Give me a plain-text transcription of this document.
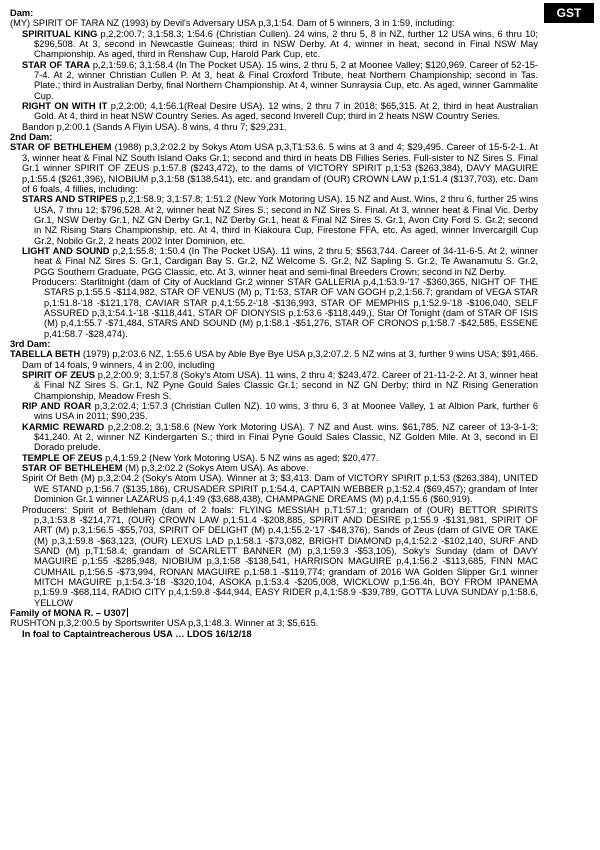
GST
Dam:

(MY) SPIRIT OF TARA NZ (1993) by Devil's Adversary USA p,3,1:54. Dam of 5 winners, 3 in 1:59, including:

SPIRITUAL KING p,2,2:00.7; 3,1:58.3; 1:54.6 (Christian Cullen). 24 wins, 2 thru 5, 8 in NZ, further 12 USA wins, 6 thru 10; $296,508. At 3, second in Newcastle Guineas; third in NSW Derby. At 4, winner in heat, second in Final NSW May Championship. As aged, third in Renshaw Cup, Harold Park Cup, etc.

STAR OF TARA p,2,1:59.6; 3,1:58.4 (In The Pocket USA). 15 wins, 2 thru 5, 2 at Moonee Valley; $120,969. Career of 52-15-7-4. At 2, winner Christian Cullen P. At 3, heat & Final Croxford Tribute, heat Northern Championship; second in Tas. Plate.; third in Australian Derby, final Northern Championship. At 4, winner Sunraysia Cup, etc. As aged, winner Gammalite Cup.

RIGHT ON WITH IT p,2,2:00; 4,1:56.1(Real Desire USA). 12 wins, 2 thru 7 in 2018; $65,315. At 2, third in heat Australian Gold. At 4, third in heat NSW Country Series. As aged, second Inverell Cup; third in 2 heats NSW Country Series.

Bandon p,2:00.1 (Sands A Flyin USA). 8 wins, 4 thru 7; $29,231.

2nd Dam:

STAR OF BETHLEHEM (1988) p,3,2:02.2 by Sokys Atom USA p,3,T1:53.6. 5 wins at 3 and 4; $29,495. Career of 15-5-2-1. At 3, winner heat & Final NZ South Island Oaks Gr.1; second and third in heats DB Fillies Series. Full-sister to NZ Sires S. Final Gr.1 winner SPIRIT OF ZEUS p,1:57.8 ($243,472), to the dams of VICTORY SPIRIT p,1:53 ($263,384), DAVY MAGUIRE p,1:55.4 ($261,396), NIOBIUM p,3,1:58 ($138,541), etc. and grandam of (OUR) CROWN LAW p,1:51.4 ($137,703), etc. Dam of 6 foals, 4 fillies, including:

STARS AND STRIPES p,2,1:58.9; 3,1:57.8; 1:51.2 (New York Motoring USA). 15 NZ and Aust. Wins, 2 thru 6, further 25 wins USA, 7 thru 12; $796,528. At 2, winner heat NZ Sires S.; second in NZ Sires S. Final. At 3, winner heat & Final Vic. Derby Gr.1, NSW Derby Gr.1, NZ GN Derby Gr.1, NZ Derby Gr.1, heat & Final NZ Sires S. Gr.1, Avon City Ford S. Gr.2; second in NZ Rising Stars Championship, etc. At 4, third in Kiakoura Cup, Firestone FFA, etc. As aged, winner Invercargill Cup Gr.2, Nobilo Gr.2, 2 heats 2002 Inter Dominion, etc.

LIGHT AND SOUND p,2,1:55.8; 1:50.4 (In The Pocket USA). 11 wins, 2 thru 5; $563,744. Career of 34-11-6-5. At 2, winner heat & Final NZ Sires S. Gr.1, Cardigan Bay S. Gr.2, NZ Welcome S. Gr.2, NZ Sapling S. Gr.2, Te Awanamutu S. Gr.2, PGG Southern Graduate, PGG Classic, etc. At 3, winner heat and semi-final Breeders Crown; second in NZ Derby.

Producers: Starlitnight (dam of City of Auckland Gr.2 winner STAR GALLERIA p,4,1:53.9-'17 -$360,365, NIGHT OF THE STARS p,1:55.5 -$114,982, STAR OF VENUS (M) p, T1:53, STAR OF VAN GOGH p,2,1:56.7; grandam of VEGA STAR p,1:51.8-'18 -$121,178, CAVIAR STAR p,4,1:55.2-'18 -$136,993, STAR OF MEMPHIS p,1:52.9-'18 -$106,040, SELF ASSURED p,3,1:54.1-'18 -$118,441, STAR OF DIONYSIS p,1:53.6 -$118,449,), Star Of Tonight (dam of STAR OF ISIS (M) p,4,1:55.7 -$71,484, STARS AND SOUND (M) p,1:58.1 -$51,276, STAR OF CRONOS p,1:58.7 -$42,585, ESSENE p,41:58.7 -$28,474).

3rd Dam:

TABELLA BETH (1979) p,2:03.6 NZ, 1:55.6 USA by Able Bye Bye USA p,3,2:07.2. 5 NZ wins at 3, further 9 wins USA; $91,466. Dam of 14 foals, 9 winners, 4 in 2:00, including

SPIRIT OF ZEUS p,2,2:00.9; 3,1:57.8 (Soky's Atom USA). 11 wins, 2 thru 4; $243,472. Career of 21-11-2-2. At 3, winner heat & Final NZ Sires S. Gr.1, NZ Pyne Gould Sales Classic Gr.1; second in NZ GN Derby; third in NZ Rising Generation Championship, Meadow Fresh S.

RIP AND ROAR p,3,2:02.4; 1:57.3 (Christian Cullen NZ). 10 wins, 3 thru 6, 3 at Moonee Valley, 1 at Albion Park, further 6 wins USA in 2011; $90,235.

KARMIC REWARD p,2,2:08.2; 3,1:58.6 (New York Motoring USA). 7 NZ and Aust. wins. $61,785. NZ career of 13-3-1-3; $41,240. At 2, winner NZ Kindergarten S.; third in Final Pyne Gould Sales Classic, NZ Golden Mile. At 3, second in El Dorado prelude.

TEMPLE OF ZEUS p,4,1:59.2 (New York Motoring USA). 5 NZ wins as aged; $20,477.

STAR OF BETHLEHEM (M) p,3,2:02.2 (Sokys Atom USA). As above.

Spirit Of Beth (M) p,3,2:04.2 (Soky's Atom USA). Winner at 3; $3,413. Dam of VICTORY SPIRIT p,1:53 ($263,384), UNITED WE STAND p,1:56.7 ($135,186), CRUSADER SPIRIT p,1:54.4, CAPTAIN WEBBER p,1:52.4 ($69,457); grandam of Inter Dominion Gr.1 winner LAZARUS p,4,1:49 ($3,688,438), CHAMPAGNE DREAMS (M) p,4,1:55.6 ($60,919).

Producers: Spirit of Bethleham (dam of 2 foals: FLYING MESSIAH p,T1:57.1; grandam of (OUR) BETTOR SPIRITS p,3,1:53.8 -$214,771, (OUR) CROWN LAW p,1:51.4 -$208,885, SPIRIT AND DESIRE p,1:55.9 -$131,981, SPIRIT OF ART (M) p,3,1:56.5 -$55,703, SPIRIT OF DELIGHT (M) p,4,1:55.2-'17 -$48,376), Sands of Zeus (dam of GIVE OR TAKE (M) p,3,1:59.8 -$63,123, (OUR) LEXUS LAD p,1:58.1 -$73,082, BRIGHT DIAMOND p,4,1:52.2 -$102,140, SURF AND SAND (M) p,T1:58.4; grandam of SCARLETT BANNER (M) p,3,1:59.3 -$53,105), Soky's Sunday (dam of DAVY MAGUIRE p,1:55 -$285,948, NIOBIUM p,3,1:58 -$138,541, HARRISON MAGUIRE p,4,1:56.2 -$113,685, FINN MAC CUMHAIL p,1:56.5 -$73,994, RONAN MAGUIRE p,1:58.1 -$119,774; grandam of 2016 WA Golden Slipper Gr.1 winner MITCH MAGUIRE p,1:54.3-'18 -$320,104, ASOKA p,1:53.4 -$205,008, WICKLOW p,1:56.4h, BOY FROM IPANEMA p,1:59.9 -$68,114, RADIO CITY p,4,1:59.8 -$44,944, EASY RIDER p,4,1:58.9 -$39,789, GOTTA LUVA SUNDAY p,1:58.6, YELLOW

Family of MONA R. – U307
RUSHTON p,3,2:00.5 by Sportswriter USA p,3,1:48.3. Winner at 3; $5,615.
In foal to Captaintreacherous USA … LDOS 16/12/18
